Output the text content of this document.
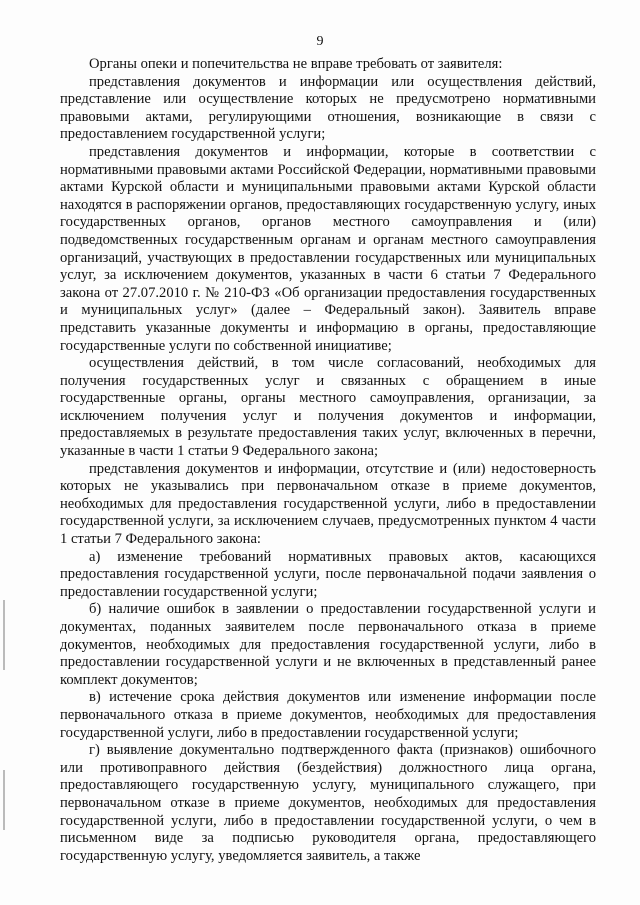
9

Органы опеки и попечительства не вправе требовать от заявителя:

представления документов и информации или осуществления действий, представление или осуществление которых не предусмотрено нормативными правовыми актами, регулирующими отношения, возникающие в связи с предоставлением государственной услуги;

представления документов и информации, которые в соответствии с нормативными правовыми актами Российской Федерации, нормативными правовыми актами Курской области и муниципальными правовыми актами Курской области находятся в распоряжении органов, предоставляющих государственную услугу, иных государственных органов, органов местного самоуправления и (или) подведомственных государственным органам и органам местного самоуправления организаций, участвующих в предоставлении государственных или муниципальных услуг, за исключением документов, указанных в части 6 статьи 7 Федерального закона от 27.07.2010 г. № 210-ФЗ «Об организации предоставления государственных и муниципальных услуг» (далее – Федеральный закон). Заявитель вправе представить указанные документы и информацию в органы, предоставляющие государственные услуги по собственной инициативе;

осуществления действий, в том числе согласований, необходимых для получения государственных услуг и связанных с обращением в иные государственные органы, органы местного самоуправления, организации, за исключением получения услуг и получения документов и информации, предоставляемых в результате предоставления таких услуг, включенных в перечни, указанные в части 1 статьи 9 Федерального закона;

представления документов и информации, отсутствие и (или) недостоверность которых не указывались при первоначальном отказе в приеме документов, необходимых для предоставления государственной услуги, либо в предоставлении государственной услуги, за исключением случаев, предусмотренных пунктом 4 части 1 статьи 7 Федерального закона:

а) изменение требований нормативных правовых актов, касающихся предоставления государственной услуги, после первоначальной подачи заявления о предоставлении государственной услуги;

б) наличие ошибок в заявлении о предоставлении государственной услуги и документах, поданных заявителем после первоначального отказа в приеме документов, необходимых для предоставления государственной услуги, либо в предоставлении государственной услуги и не включенных в представленный ранее комплект документов;

в) истечение срока действия документов или изменение информации после первоначального отказа в приеме документов, необходимых для предоставления государственной услуги, либо в предоставлении государственной услуги;

г) выявление документально подтвержденного факта (признаков) ошибочного или противоправного действия (бездействия) должностного лица органа, предоставляющего государственную услугу, муниципального служащего, при первоначальном отказе в приеме документов, необходимых для предоставления государственной услуги, либо в предоставлении государственной услуги, о чем в письменном виде за подписью руководителя органа, предоставляющего государственную услугу, уведомляется заявитель, а также
